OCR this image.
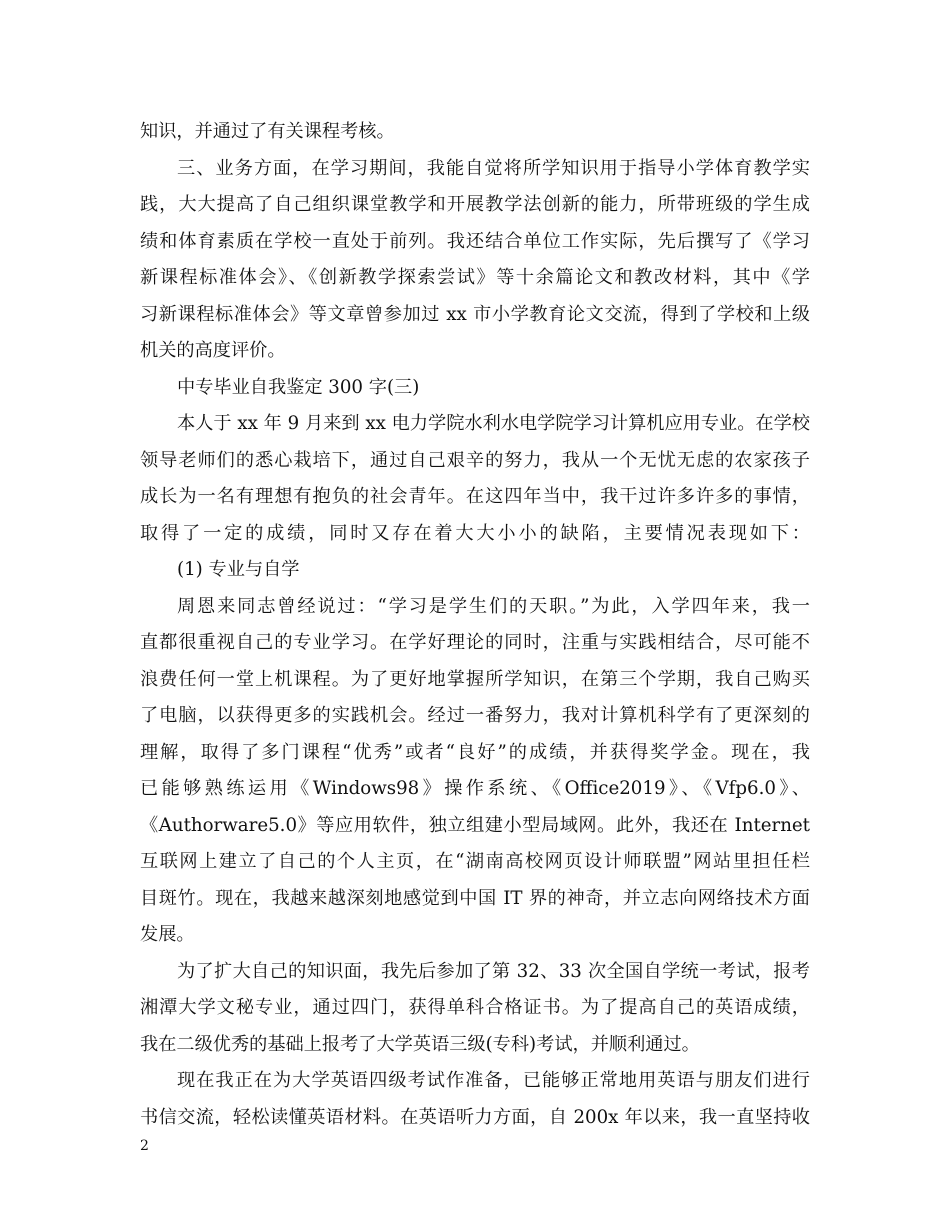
知识，并通过了有关课程考核。
三、业务方面，在学习期间，我能自觉将所学知识用于指导小学体育教学实
践，大大提高了自己组织课堂教学和开展教学法创新的能力，所带班级的学生成
绩和体育素质在学校一直处于前列。我还结合单位工作实际，先后撰写了《学习
新课程标准体会》、《创新教学探索尝试》等十余篇论文和教改材料，其中《学
习新课程标准体会》等文章曾参加过 xx 市小学教育论文交流，得到了学校和上级
机关的高度评价。
中专毕业自我鉴定 300 字(三)
本人于 xx 年 9 月来到 xx 电力学院水利水电学院学习计算机应用专业。在学校
领导老师们的悉心栽培下，通过自己艰辛的努力，我从一个无忧无虑的农家孩子
成长为一名有理想有抱负的社会青年。在这四年当中，我干过许多许多的事情，
取得了一定的成绩，同时又存在着大大小小的缺陷，主要情况表现如下：
(1) 专业与自学
周恩来同志曾经说过：“学习是学生们的天职。”为此，入学四年来，我一
直都很重视自己的专业学习。在学好理论的同时，注重与实践相结合，尽可能不
浪费任何一堂上机课程。为了更好地掌握所学知识，在第三个学期，我自己购买
了电脑，以获得更多的实践机会。经过一番努力，我对计算机科学有了更深刻的
理解，取得了多门课程“优秀”或者“良好”的成绩，并获得奖学金。现在，我
已能够熟练运用《Windows98》操作系统、《Office2019》、《Vfp6.0》、
《Authorware5.0》等应用软件，独立组建小型局域网。此外，我还在 Internet
互联网上建立了自己的个人主页，在“湖南高校网页设计师联盟”网站里担任栏
目斑竹。现在，我越来越深刻地感觉到中国 IT 界的神奇，并立志向网络技术方面
发展。
为了扩大自己的知识面，我先后参加了第 32、33 次全国自学统一考试，报考
湘潭大学文秘专业，通过四门，获得单科合格证书。为了提高自己的英语成绩，
我在二级优秀的基础上报考了大学英语三级(专科)考试，并顺利通过。
现在我正在为大学英语四级考试作准备，已能够正常地用英语与朋友们进行
书信交流，轻松读懂英语材料。在英语听力方面，自 200x 年以来，我一直坚持收
2
